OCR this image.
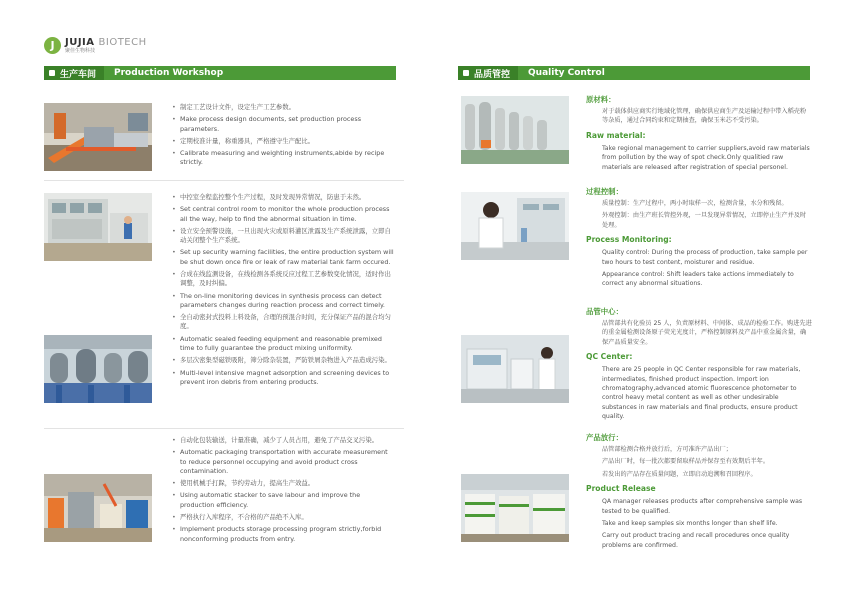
J JUJIA BIOTECH
聚佳生物科技
生产车间	Production Workshop	品质管控	Quality Control
• 制定工艺设计文件，设定生产工艺参数。
• Make process design documents, set production process parameters.
• 定期校准计量，称重器具，严格遵守生产配比。
• Calibrate measuring and weighting instruments,abide by recipe strictly.
• 中控室全程监控整个生产过程，及时发现异常情况，防患于未然。
• Set central control room to monitor the whole production process all the way, help to find the abnormal situation in time.
• 设立安全预警设施，一旦出现火灾或原料灌区泄露及生产系统泄露，立即自动关闭整个生产系统。
• Set up security warning facilities, the entire production system will be shut down once fire or leak of raw material tank farm occured.
• 合成在线监测设备，在线检测各系统反应过程工艺参数变化情况，适时作出调整，及时纠偏。
• The on-line monitoring devices in synthesis process can detect parameters changes during reaction process and correct timely.
• 全自动密封式投料上料设备，合理的预混合时间，充分保证产品的混合均匀度。
• Automatic sealed feeding equipment and reasonable premixed time to fully guarantee the product mixing uniformity.
• 多层次密集型磁铁吸附，筛分除杂装置，严防铁屑杂物进入产品造成污染。
• Multi-level intensive magnet adsorption and screening devices to prevent iron debris from entering products.
• 自动化包装输送，计量准确，减少了人员占用，避免了产品交叉污染。
• Automatic packaging transportation with accurate measurement to reduce personnel occupying and avoid product cross contamination.
• 使用机械手打跺，节约劳动力，提高生产效益。
• Using automatic stacker to save labour and improve the production efficiency.
• 严格执行入库程序，不合格的产品绝不入库。
• Implement products storage processing program strictly,forbid nonconforming products from entry.
原材料：
对于载体供应商实行地域化管理，确保供应商生产及运输过程中带入稻壳粉等杂质，通过合同约束和定期抽查，确保玉米芯不受污染。
Raw material:
Take regional management to carrier suppliers,avoid raw materials from pollution by the way of spot check.Only qualitied raw materials are released after registration of special personel.
过程控制：
质量控制：生产过程中，两小时取样一次，检测含量，水分和残留。
外观控制：由生产班长管控外观，一旦发现异常情况，立即停止生产并及时处理。
Process Monitoring:
Quality control: During the process of production, take sample per two hours to test content, moisturer and residue.
Appearance control: Shift leaders take actions immediately to correct any abnormal situations.
品管中心：
品管部共有化验员 25 人，负责原材料、中间体、成品的检验工作。购进先进的重金属检测设备原子荧光光度计，严格控制原料及产品中重金属含量，确保产品质量安全。
QC Center:
There are 25 people in QC Center responsible for raw materials, intermediates, finished product inspection. Import ion chromatography,advanced atomic fluorescence photometer to control heavy metal content as well as other undesirable substances in raw materials and final products, ensure product quality.
产品放行：
品管部检测合格并放行后，方可准许产品出厂；
产品出厂时，每一批次都要留取样品并保存至有效期后半年。
若发出的产品存在质量问题，立即启动追溯和召回程序。
Product Release
QA manager releases products after comprehensive sample was tested to be qualified.
Take and keep samples six months longer than shelf life.
Carry out product tracing and recall procedures once quality problems are confirmed.
